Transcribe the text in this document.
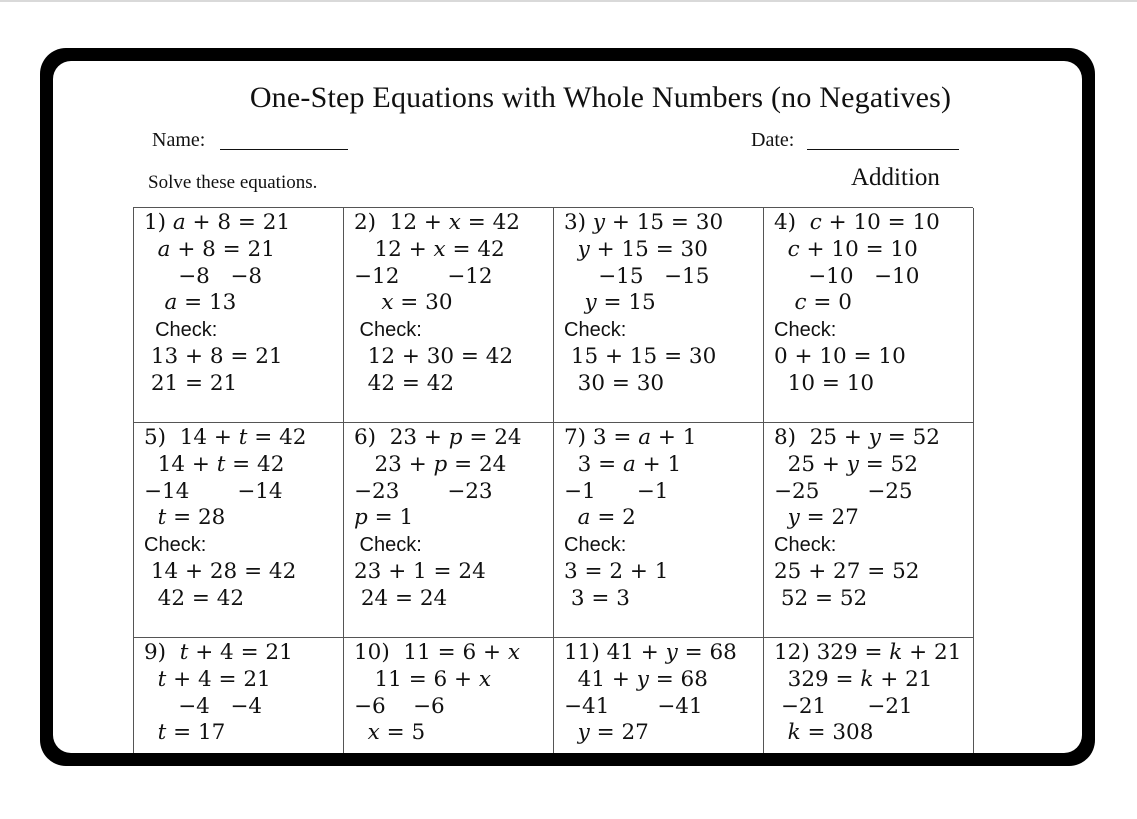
One-Step Equations with Whole Numbers (no Negatives)
Name:	Date:
Solve these equations.	Addition
1) 𝑎 + 8 = 21
𝑎 + 8 = 21
−8   −8
𝑎 = 13
Check:
13 + 8 = 21
21 = 21
2)  12 + 𝑥 = 42
12 + 𝑥 = 42
−12       −12
𝑥 = 30
Check:
12 + 30 = 42
42 = 42
3) 𝑦 + 15 = 30
𝑦 + 15 = 30
−15   −15
𝑦 = 15
Check:
15 + 15 = 30
30 = 30
4)  𝑐 + 10 = 10
𝑐 + 10 = 10
−10   −10
𝑐 = 0
Check:
0 + 10 = 10
10 = 10
5)  14 + 𝑡 = 42
14 + 𝑡 = 42
−14       −14
𝑡 = 28
Check:
14 + 28 = 42
42 = 42
6)  23 + 𝑝 = 24
23 + 𝑝 = 24
−23       −23
𝑝 = 1
Check:
23 + 1 = 24
24 = 24
7) 3 = 𝑎 + 1
3 = 𝑎 + 1
−1      −1
𝑎 = 2
Check:
3 = 2 + 1
3 = 3
8)  25 + 𝑦 = 52
25 + 𝑦 = 52
−25       −25
𝑦 = 27
Check:
25 + 27 = 52
52 = 52
9)  𝑡 + 4 = 21
𝑡 + 4 = 21
−4   −4
𝑡 = 17
10)  11 = 6 + 𝑥
11 = 6 + 𝑥
−6    −6
𝑥 = 5
11) 41 + 𝑦 = 68
41 + 𝑦 = 68
−41       −41
𝑦 = 27
12) 329 = 𝑘 + 21
329 = 𝑘 + 21
−21      −21
𝑘 = 308
